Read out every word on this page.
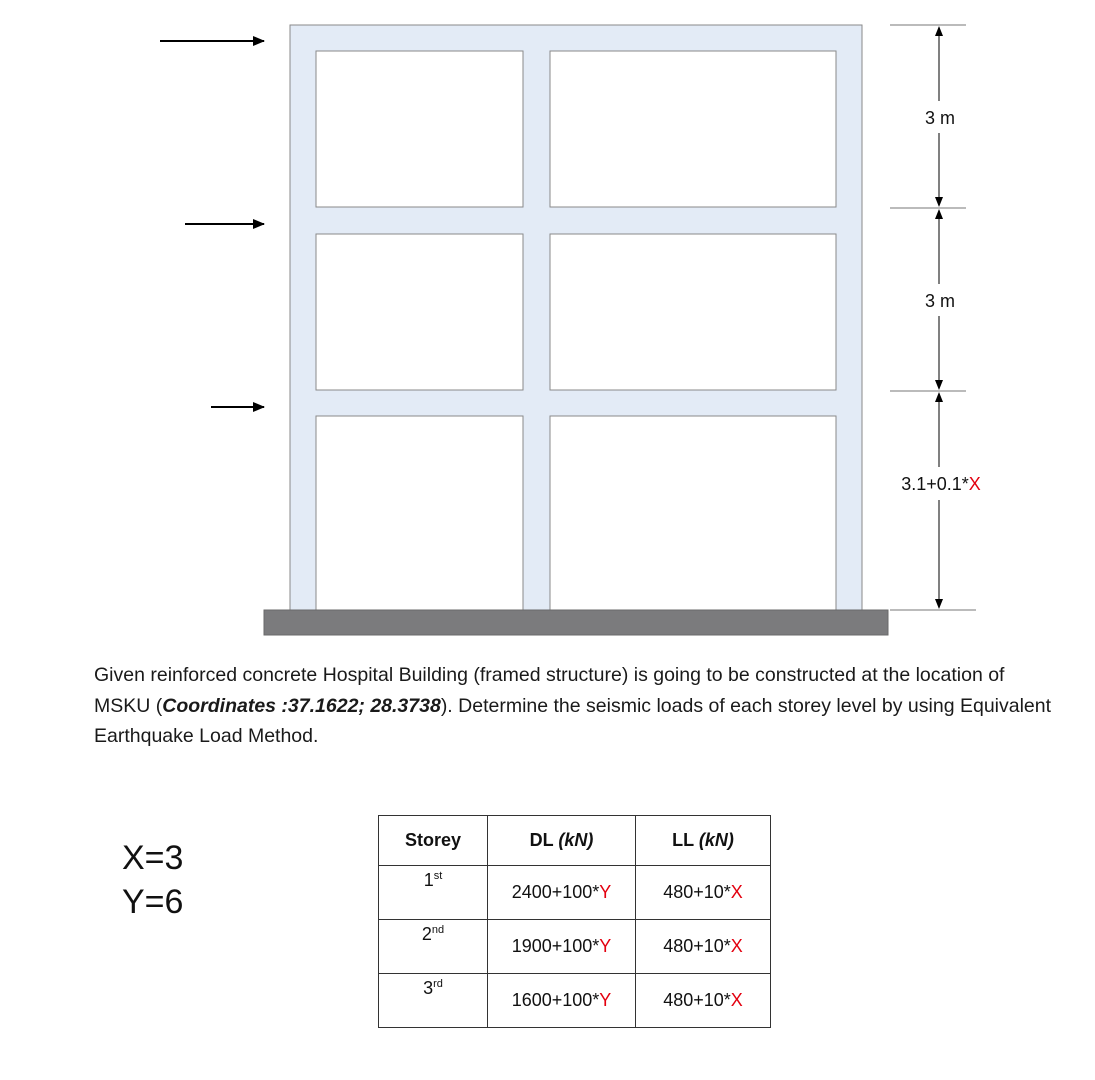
3 m
3 m
3.1+0.1*X
Given reinforced concrete Hospital Building (framed structure) is going to be constructed at the location of MSKU (Coordinates :37.1622; 28.3738). Determine the seismic loads of each storey level by using Equivalent Earthquake Load Method.
X=3
Y=6
Storey	DL (kN)	LL (kN)
1st	2400+100*Y	480+10*X
2nd	1900+100*Y	480+10*X
3rd	1600+100*Y	480+10*X
